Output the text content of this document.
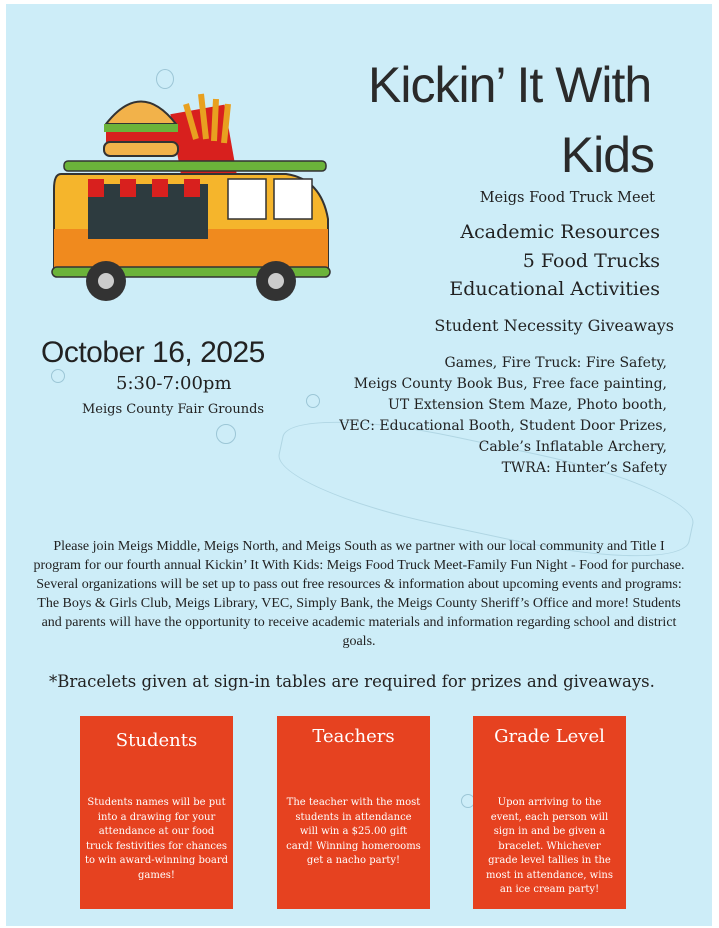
Kickin’ It With
Kids
Meigs Food Truck Meet
Academic Resources
5 Food Trucks
Educational Activities
Student Necessity Giveaways
Games, Fire Truck: Fire Safety,
Meigs County Book Bus, Free face painting,
UT Extension Stem Maze, Photo booth,
VEC: Educational Booth, Student Door Prizes,
Cable’s Inflatable Archery,
TWRA: Hunter’s Safety
October 16, 2025
5:30-7:00pm
Meigs County Fair Grounds
Please join Meigs Middle, Meigs North, and Meigs South as we partner with our local community and Title I program for our fourth annual Kickin’ It With Kids: Meigs Food Truck Meet-Family Fun Night - Food for purchase. Several organizations will be set up to pass out free resources & information about upcoming events and programs: The Boys & Girls Club, Meigs Library, VEC, Simply Bank, the Meigs County Sheriff’s Office and more! Students and parents will have the opportunity to receive academic materials and information regarding school and district goals.
*Bracelets given at sign-in tables are required for prizes and giveaways.
Students

Students names will be put into a drawing for your attendance at our food truck festivities for chances to win award-winning board games!

Teachers

The teacher with the most students in attendance will win a $25.00 gift card! Winning homerooms get a nacho party!

Grade Level

Upon arriving to the event, each person will sign in and be given a bracelet. Whichever grade level tallies in the most in attendance, wins an ice cream party!
